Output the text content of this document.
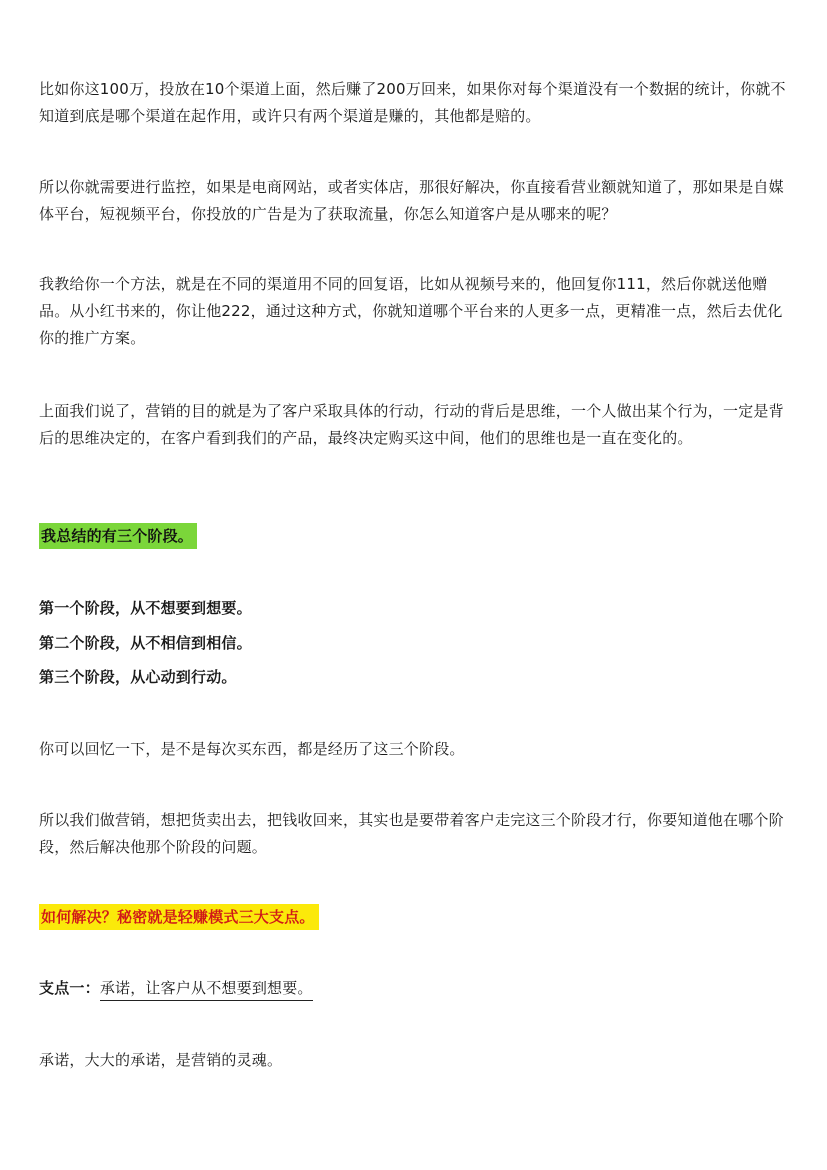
比如你这100万，投放在10个渠道上面，然后赚了200万回来，如果你对每个渠道没有一个数据的统计，你就不知道到底是哪个渠道在起作用，或许只有两个渠道是赚的，其他都是赔的。

所以你就需要进行监控，如果是电商网站，或者实体店，那很好解决，你直接看营业额就知道了，那如果是自媒体平台，短视频平台，你投放的广告是为了获取流量，你怎么知道客户是从哪来的呢？

我教给你一个方法，就是在不同的渠道用不同的回复语，比如从视频号来的，他回复你111，然后你就送他赠品。从小红书来的，你让他222，通过这种方式，你就知道哪个平台来的人更多一点，更精准一点，然后去优化你的推广方案。

上面我们说了，营销的目的就是为了客户采取具体的行动，行动的背后是思维，一个人做出某个行为，一定是背后的思维决定的，在客户看到我们的产品，最终决定购买这中间，他们的思维也是一直在变化的。

我总结的有三个阶段。

第一个阶段，从不想要到想要。

第二个阶段，从不相信到相信。

第三个阶段，从心动到行动。

你可以回忆一下，是不是每次买东西，都是经历了这三个阶段。

所以我们做营销，想把货卖出去，把钱收回来，其实也是要带着客户走完这三个阶段才行，你要知道他在哪个阶段，然后解决他那个阶段的问题。

如何解决？秘密就是轻赚模式三大支点。

支点一：承诺，让客户从不想要到想要。

承诺，大大的承诺，是营销的灵魂。
